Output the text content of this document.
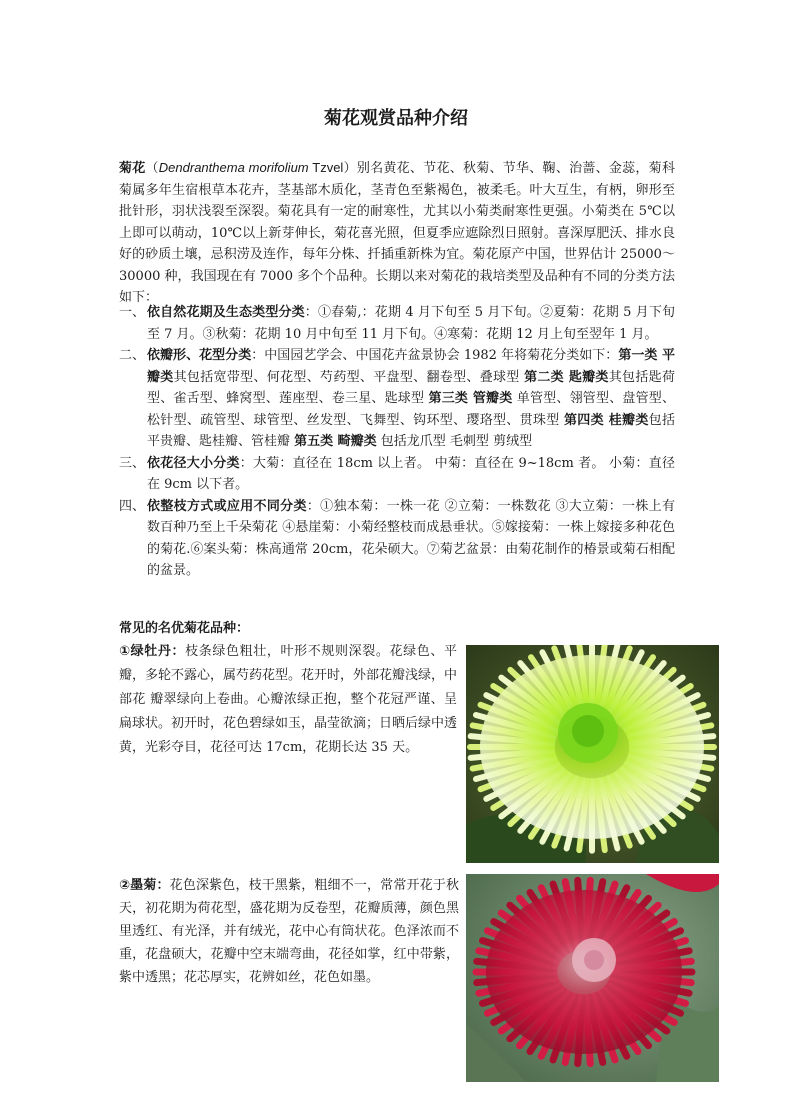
菊花观赏品种介绍
菊花（Dendranthema morifolium Tzvel）别名黄花、节花、秋菊、节华、鞠、治蔷、金蕊，菊科菊属多年生宿根草本花卉，茎基部木质化，茎青色至紫褐色，被柔毛。叶大互生，有柄，卵形至批针形，羽状浅裂至深裂。菊花具有一定的耐寒性，尤其以小菊类耐寒性更强。小菊类在 5℃以上即可以萌动，10℃以上新芽伸长，菊花喜光照，但夏季应遮除烈日照射。喜深厚肥沃、排水良好的砂质土壤，忌积涝及连作，每年分株、扦插重新株为宜。菊花原产中国，世界估计 25000～30000 种，我国现在有 7000 多个个品种。长期以来对菊花的栽培类型及品种有不同的分类方法如下：
一、 依自然花期及生态类型分类：①春菊,：花期 4 月下旬至 5 月下旬。②夏菊：花期 5 月下旬至 7 月。③秋菊：花期 10 月中旬至 11 月下旬。④寒菊：花期 12 月上旬至翌年 1 月。
二、 依瓣形、花型分类：中国园艺学会、中国花卉盆景协会 1982 年将菊花分类如下：第一类 平瓣类其包括宽带型、何花型、芍药型、平盘型、翻卷型、叠球型 第二类 匙瓣类其包括匙荷型、雀舌型、蜂窝型、莲座型、卷三星、匙球型 第三类 管瓣类 单管型、翎管型、盘管型、松针型、疏管型、球管型、丝发型、飞舞型、钩环型、璎珞型、贯珠型 第四类 桂瓣类包括平贵瓣、匙桂瓣、管桂瓣 第五类 畸瓣类 包括龙爪型 毛刺型 剪绒型
三、 依花径大小分类：大菊：直径在 18cm 以上者。 中菊：直径在 9~18cm 者。 小菊：直径在 9cm 以下者。
四、 依整枝方式或应用不同分类：①独本菊：一株一花 ②立菊：一株数花 ③大立菊：一株上有数百种乃至上千朵菊花 ④悬崖菊：小菊经整枝而成悬垂状。⑤嫁接菊：一株上嫁接多种花色的菊花.⑥案头菊：株高通常 20cm，花朵硕大。⑦菊艺盆景：由菊花制作的椿景或菊石相配的盆景。
常见的名优菊花品种：
①绿牡丹：枝条绿色粗壮，叶形不规则深裂。花绿色、平瓣，多轮不露心，属芍药花型。花开时，外部花瓣浅绿，中部花 瓣翠绿向上卷曲。心瓣浓绿正抱，整个花冠严谨、呈扁球状。初开时，花色碧绿如玉，晶莹欲滴；日晒后绿中透黄，光彩夺目，花径可达 17cm，花期长达 35 天。
②墨菊：花色深紫色，枝干黑紫，粗细不一，常常开花于秋天，初花期为荷花型，盛花期为反卷型，花瓣质薄，颜色黑里透红、有光泽，并有绒光，花中心有筒状花。色泽浓而不重，花盘硕大，花瓣中空末端弯曲，花径如掌，红中带紫，紫中透黑；花芯厚实，花辨如丝，花色如墨。
